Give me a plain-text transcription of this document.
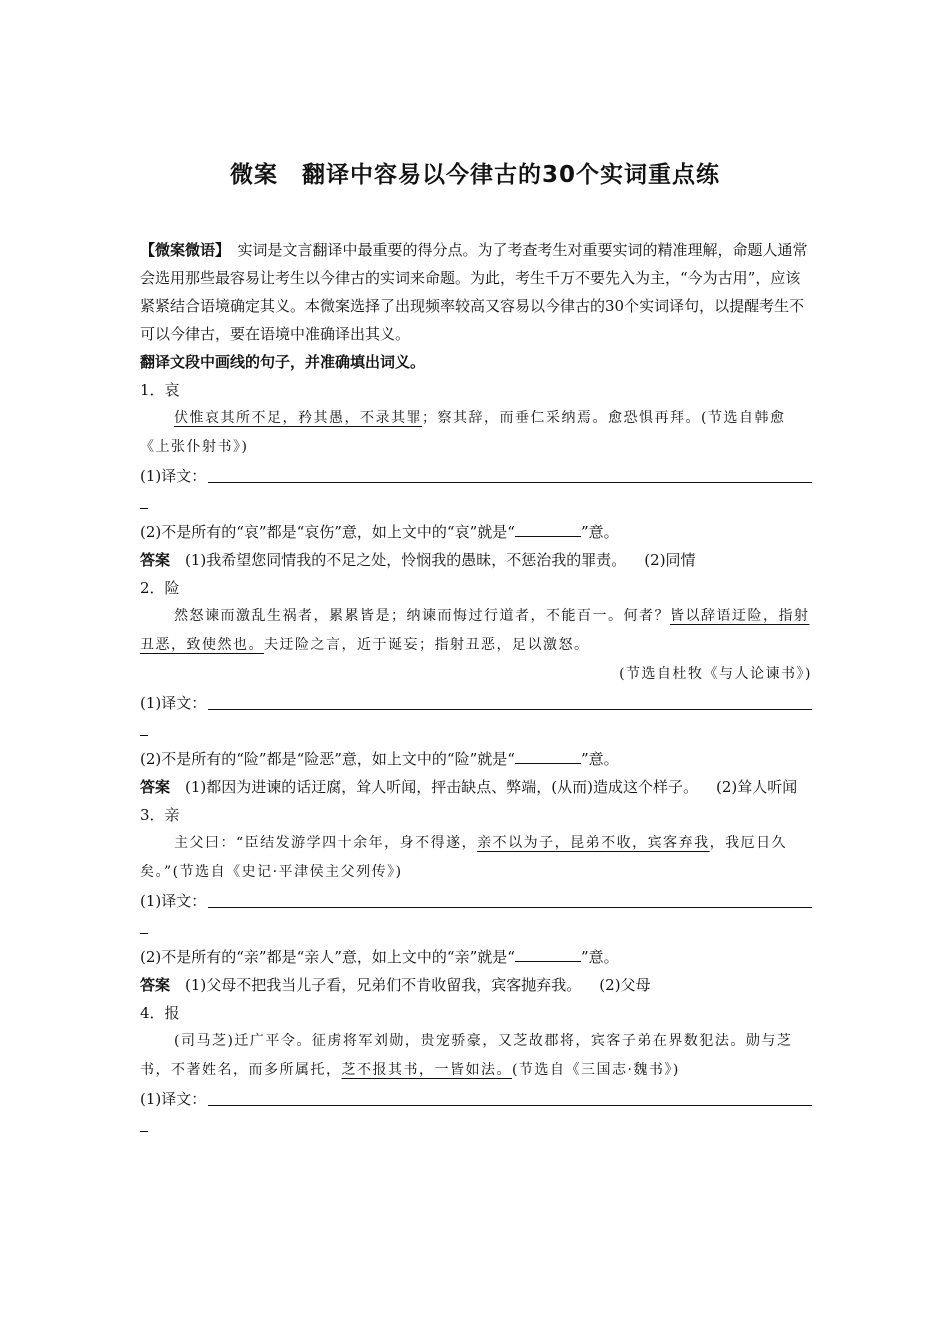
微案　翻译中容易以今律古的30个实词重点练

【微案微语】　实词是文言翻译中最重要的得分点。为了考查考生对重要实词的精准理解，命题人通常会选用那些最容易让考生以今律古的实词来命题。为此，考生千万不要先入为主，“今为古用”，应该紧紧结合语境确定其义。本微案选择了出现频率较高又容易以今律古的30个实词译句，以提醒考生不可以今律古，要在语境中准确译出其义。

翻译文段中画线的句子，并准确填出词义。

1．哀

伏惟哀其所不足，矜其愚，不录其罪；察其辞，而垂仁采纳焉。愈恐惧再拜。(节选自韩愈《上张仆射书》)

(1)译文：

(2)不是所有的“哀”都是“哀伤”意，如上文中的“哀”就是“	”意。

答案　 (1)我希望您同情我的不足之处，怜悯我的愚昧，不惩治我的罪责。 (2)同情

2．险

然怒谏而激乱生祸者，累累皆是；纳谏而悔过行道者，不能百一。何者？皆以辞语迂险，指射丑恶，致使然也。夫迂险之言，近于诞妄；指射丑恶，足以激怒。

(节选自杜牧《与人论谏书》)

(1)译文：

(2)不是所有的“险”都是“险恶”意，如上文中的“险”就是“	”意。

答案　 (1)都因为进谏的话迂腐，耸人听闻，抨击缺点、弊端，(从而)造成这个样子。 (2)耸人听闻

3．亲

主父曰：“臣结发游学四十余年，身不得遂，亲不以为子，昆弟不收，宾客弃我，我厄日久矣。”(节选自《史记·平津侯主父列传》)

(1)译文：

(2)不是所有的“亲”都是“亲人”意，如上文中的“亲”就是“	”意。

答案　 (1)父母不把我当儿子看，兄弟们不肯收留我，宾客抛弃我。 (2)父母

4．报

(司马芝)迁广平令。征虏将军刘勋，贵宠骄豪，又芝故郡将，宾客子弟在界数犯法。勋与芝书，不著姓名，而多所属托，芝不报其书，一皆如法。(节选自《三国志·魏书》)

(1)译文：
